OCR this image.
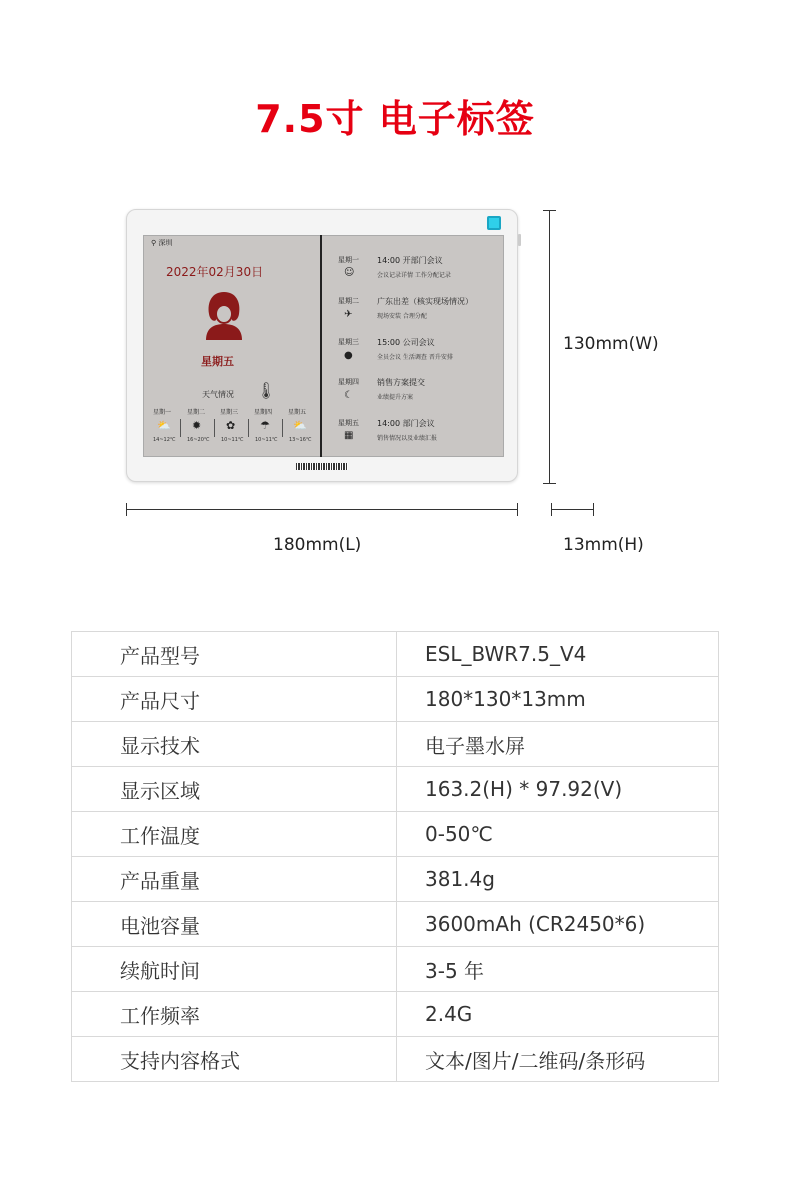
7.5寸 电子标签
⚲ 深圳
2022年02月30日
星期五
天气情况 🌡
星期一	星期二 星期三	星期四	星期五
⛅ ✹ ✿ ☂ ⛅
14~12℃ 16~20℃ 10~11℃ 10~11℃ 13~16℃
星期一
☺
14:00 开部门会议
会议记录详情 工作分配记录
星期二
✈
广东出差（核实现场情况）
现场安装 合理分配
星期三
●
15:00 公司会议
全员会议 生活调查 晋升安排
星期四
☾
销售方案提交
业绩提升方案
星期五
▦
14:00 部门会议
销售情况以及业绩汇报
130mm(W)
180mm(L)	13mm(H)
产品型号	ESL_BWR7.5_V4
产品尺寸	180*130*13mm
显示技术	电子墨水屏
显示区域	163.2(H) * 97.92(V)
工作温度	0-50℃
产品重量	381.4g
电池容量	3600mAh (CR2450*6)
续航时间	3-5 年
工作频率	2.4G
支持内容格式	文本/图片/二维码/条形码
